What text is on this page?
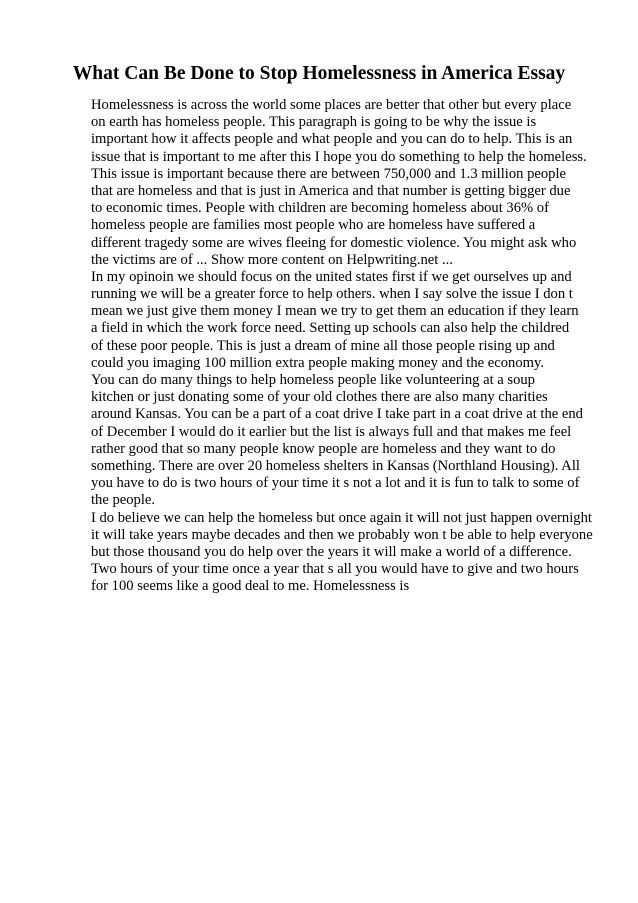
What Can Be Done to Stop Homelessness in America Essay
Homelessness is across the world some places are better that other but every place
on earth has homeless people. This paragraph is going to be why the issue is
important how it affects people and what people and you can do to help. This is an
issue that is important to me after this I hope you do something to help the homeless.
This issue is important because there are between 750,000 and 1.3 million people
that are homeless and that is just in America and that number is getting bigger due
to economic times. People with children are becoming homeless about 36% of
homeless people are families most people who are homeless have suffered a
different tragedy some are wives fleeing for domestic violence. You might ask who
the victims are of ... Show more content on Helpwriting.net ...
In my opinoin we should focus on the united states first if we get ourselves up and
running we will be a greater force to help others. when I say solve the issue I don t
mean we just give them money I mean we try to get them an education if they learn
a field in which the work force need. Setting up schools can also help the childred
of these poor people. This is just a dream of mine all those people rising up and
could you imaging 100 million extra people making money and the economy.
You can do many things to help homeless people like volunteering at a soup
kitchen or just donating some of your old clothes there are also many charities
around Kansas. You can be a part of a coat drive I take part in a coat drive at the end
of December I would do it earlier but the list is always full and that makes me feel
rather good that so many people know people are homeless and they want to do
something. There are over 20 homeless shelters in Kansas (Northland Housing). All
you have to do is two hours of your time it s not a lot and it is fun to talk to some of
the people.
I do believe we can help the homeless but once again it will not just happen overnight
it will take years maybe decades and then we probably won t be able to help everyone
but those thousand you do help over the years it will make a world of a difference.
Two hours of your time once a year that s all you would have to give and two hours
for 100 seems like a good deal to me. Homelessness is
